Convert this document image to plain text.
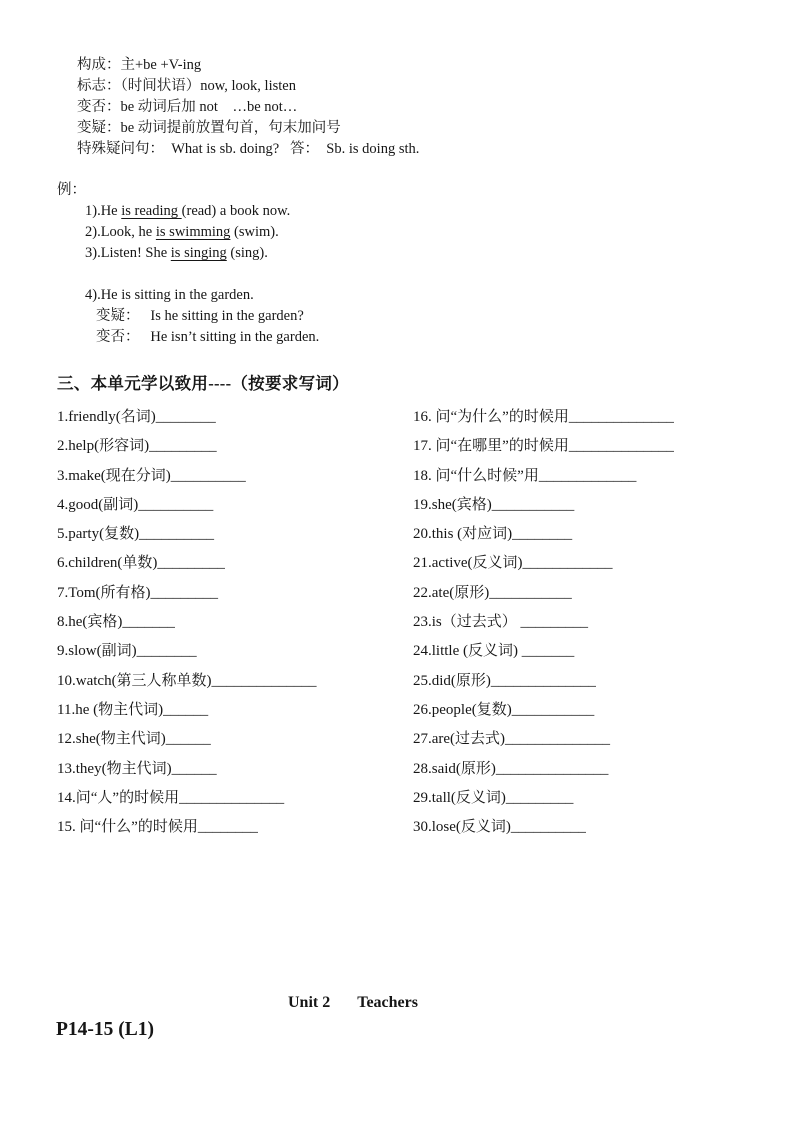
构成：主+be +V-ing
标志：（时间状语）now, look, listen
变否：be 动词后加 not    …be not…
变疑：be 动词提前放置句首，句末加问号
特殊疑问句：  What is sb. doing?   答：  Sb. is doing sth.
例：
1).He is reading (read) a book now.
2).Look, he is swimming (swim).
3).Listen! She is singing (sing).
4).He is sitting in the garden.
变疑：   Is he sitting in the garden?
变否：   He isn’t sitting in the garden.
三、本单元学以致用----（按要求写词）
1.friendly(名词)________
2.help(形容词)_________
3.make(现在分词)__________
4.good(副词)__________
5.party(复数)__________
6.children(单数)_________
7.Tom(所有格)_________
8.he(宾格)_______
9.slow(副词)________
10.watch(第三人称单数)______________
11.he (物主代词)______
12.she(物主代词)______
13.they(物主代词)______
14.问“人”的时候用______________
15. 问“什么”的时候用________
16. 问“为什么”的时候用______________
17. 问“在哪里”的时候用______________
18. 问“什么时候”用_____________
19.she(宾格)___________
20.this (对应词)________
21.active(反义词)____________
22.ate(原形)___________
23.is（过去式） _________
24.little (反义词) _______
25.did(原形)______________
26.people(复数)___________
27.are(过去式)______________
28.said(原形)_______________
29.tall(反义词)_________
30.lose(反义词)__________
Unit 2 Teachers
P14-15 (L1)
